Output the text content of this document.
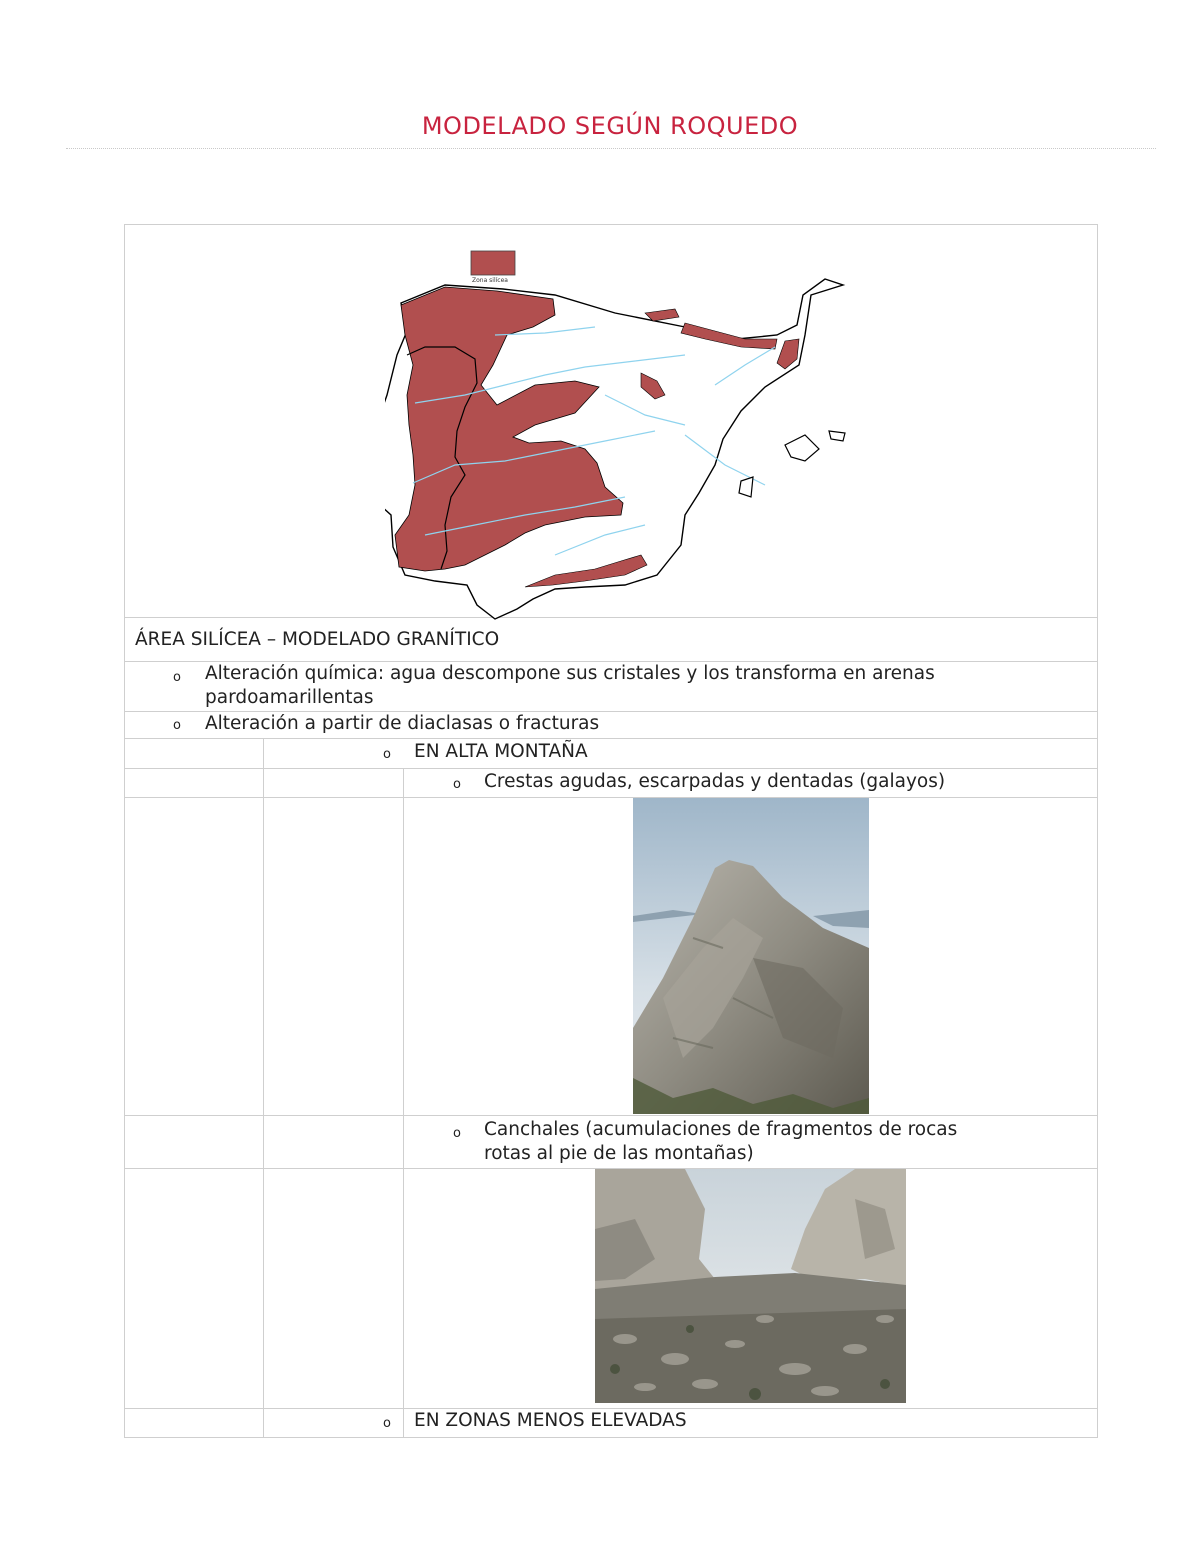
MODELADO SEGÚN ROQUEDO
Zona silícea
ÁREA SILÍCEA – MODELADO GRANÍTICO
o Alteración química: agua descompone sus cristales y los transforma en arenas
pardoamarillentas
o Alteración a partir de diaclasas o fracturas
o EN ALTA MONTAÑA
o Crestas agudas, escarpadas y dentadas (galayos)
o Canchales (acumulaciones de fragmentos de rocas
rotas al pie de las montañas)
o EN ZONAS MENOS ELEVADAS
